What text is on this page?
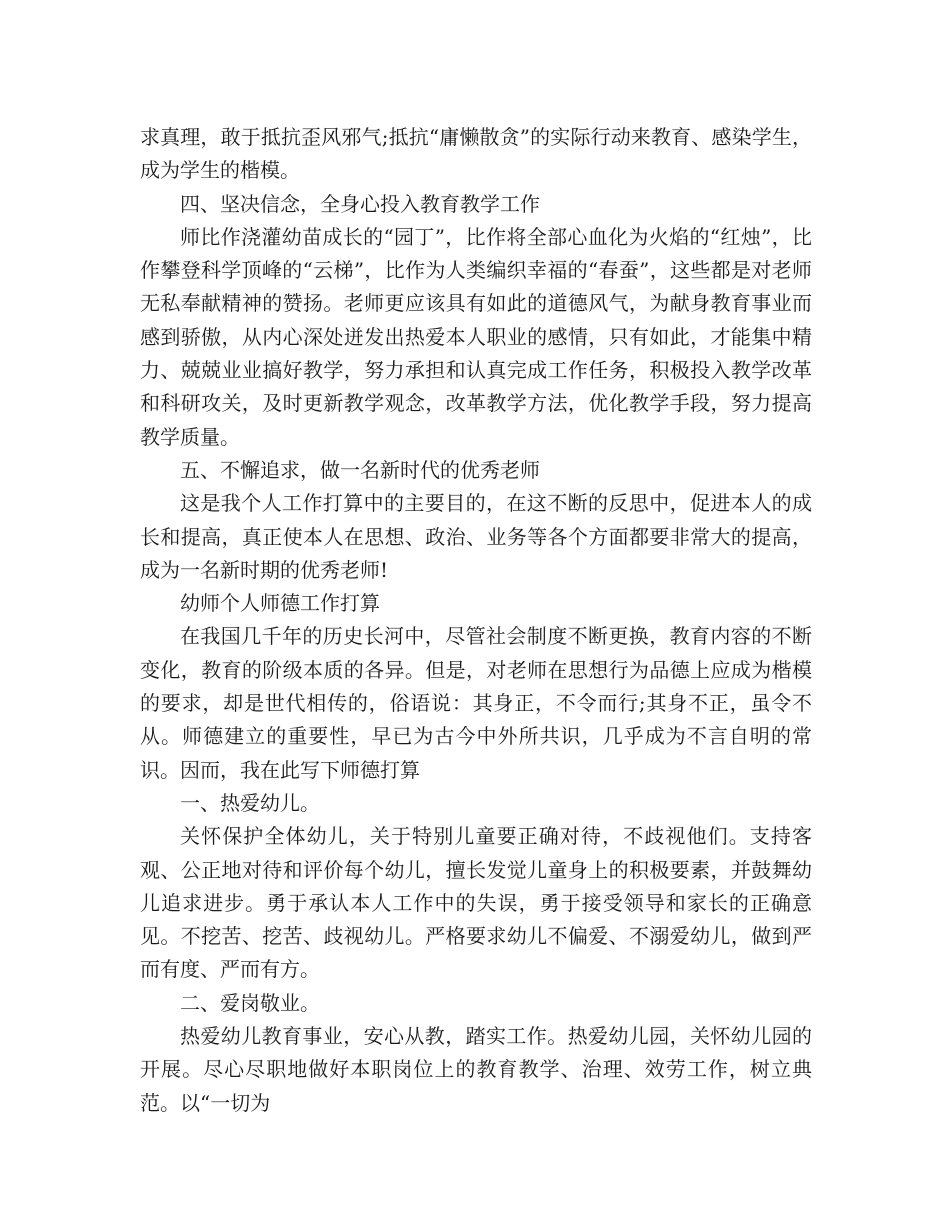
求真理，敢于抵抗歪风邪气;抵抗“庸懒散贪”的实际行动来教育、感染学生，成为学生的楷模。

四、坚决信念，全身心投入教育教学工作

师比作浇灌幼苗成长的“园丁”，比作将全部心血化为火焰的“红烛”，比作攀登科学顶峰的“云梯”，比作为人类编织幸福的“春蚕”，这些都是对老师无私奉献精神的赞扬。老师更应该具有如此的道德风气，为献身教育事业而感到骄傲，从内心深处迸发出热爱本人职业的感情，只有如此，才能集中精力、兢兢业业搞好教学，努力承担和认真完成工作任务，积极投入教学改革和科研攻关，及时更新教学观念，改革教学方法，优化教学手段，努力提高教学质量。

五、不懈追求，做一名新时代的优秀老师

这是我个人工作打算中的主要目的，在这不断的反思中，促进本人的成长和提高，真正使本人在思想、政治、业务等各个方面都要非常大的提高，成为一名新时期的优秀老师!

幼师个人师德工作打算

在我国几千年的历史长河中，尽管社会制度不断更换，教育内容的不断变化，教育的阶级本质的各异。但是，对老师在思想行为品德上应成为楷模的要求，却是世代相传的，俗语说：其身正，不令而行;其身不正，虽令不从。师德建立的重要性，早已为古今中外所共识，几乎成为不言自明的常识。因而，我在此写下师德打算

一、热爱幼儿。

关怀保护全体幼儿，关于特别儿童要正确对待，不歧视他们。支持客观、公正地对待和评价每个幼儿，擅长发觉儿童身上的积极要素，并鼓舞幼儿追求进步。勇于承认本人工作中的失误，勇于接受领导和家长的正确意见。不挖苦、挖苦、歧视幼儿。严格要求幼儿不偏爱、不溺爱幼儿，做到严而有度、严而有方。

二、爱岗敬业。

热爱幼儿教育事业，安心从教，踏实工作。热爱幼儿园，关怀幼儿园的开展。尽心尽职地做好本职岗位上的教育教学、治理、效劳工作，树立典范。以“一切为
